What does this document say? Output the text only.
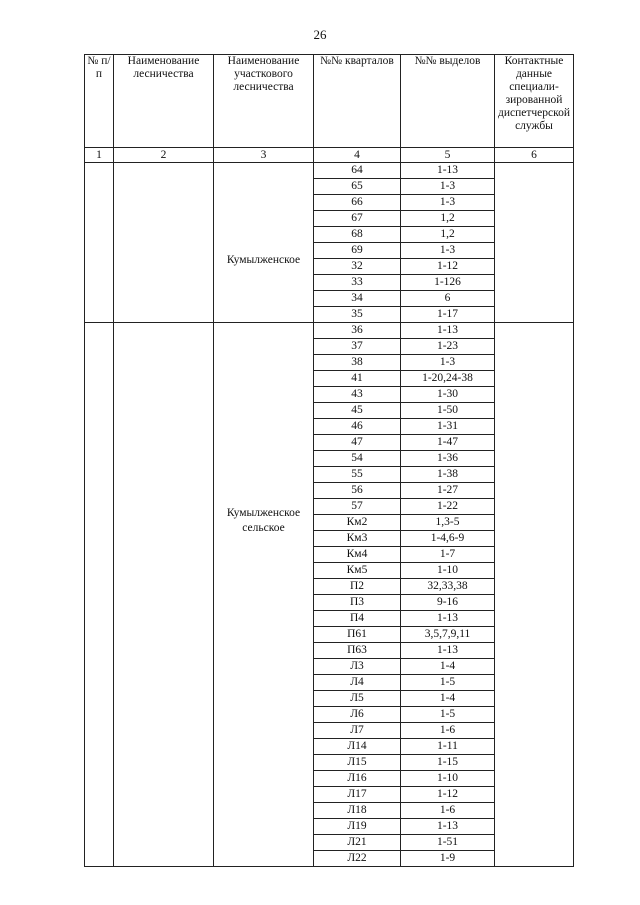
26
№ п/п	Наименование лесничества	Наименование участкового лесничества	№№ кварталов	№№ выделов	Контактные данные специали-зированной диспетчерской службы
1	2	3	4	5	6

		Кумылженское	64	1-13	
			65	1-3	
			66	1-3	
			67	1,2	
			68	1,2	
			69	1-3	
			32	1-12	
			33	1-126	
			34	6	
			35	1-17	

		Кумылженское сельское	36	1-13	
			37	1-23	
			38	1-3	
			41	1-20,24-38	
			43	1-30	
			45	1-50	
			46	1-31	
			47	1-47	
			54	1-36	
			55	1-38	
			56	1-27	
			57	1-22	
			Км2	1,3-5	
			Км3	1-4,6-9	
			Км4	1-7	
			Км5	1-10	
			П2	32,33,38	
			П3	9-16	
			П4	1-13	
			П61	3,5,7,9,11	
			П63	1-13	
			Л3	1-4	
			Л4	1-5	
			Л5	1-4	
			Л6	1-5	
			Л7	1-6	
			Л14	1-11	
			Л15	1-15	
			Л16	1-10	
			Л17	1-12	
			Л18	1-6	
			Л19	1-13	
			Л21	1-51	
			Л22	1-9	
